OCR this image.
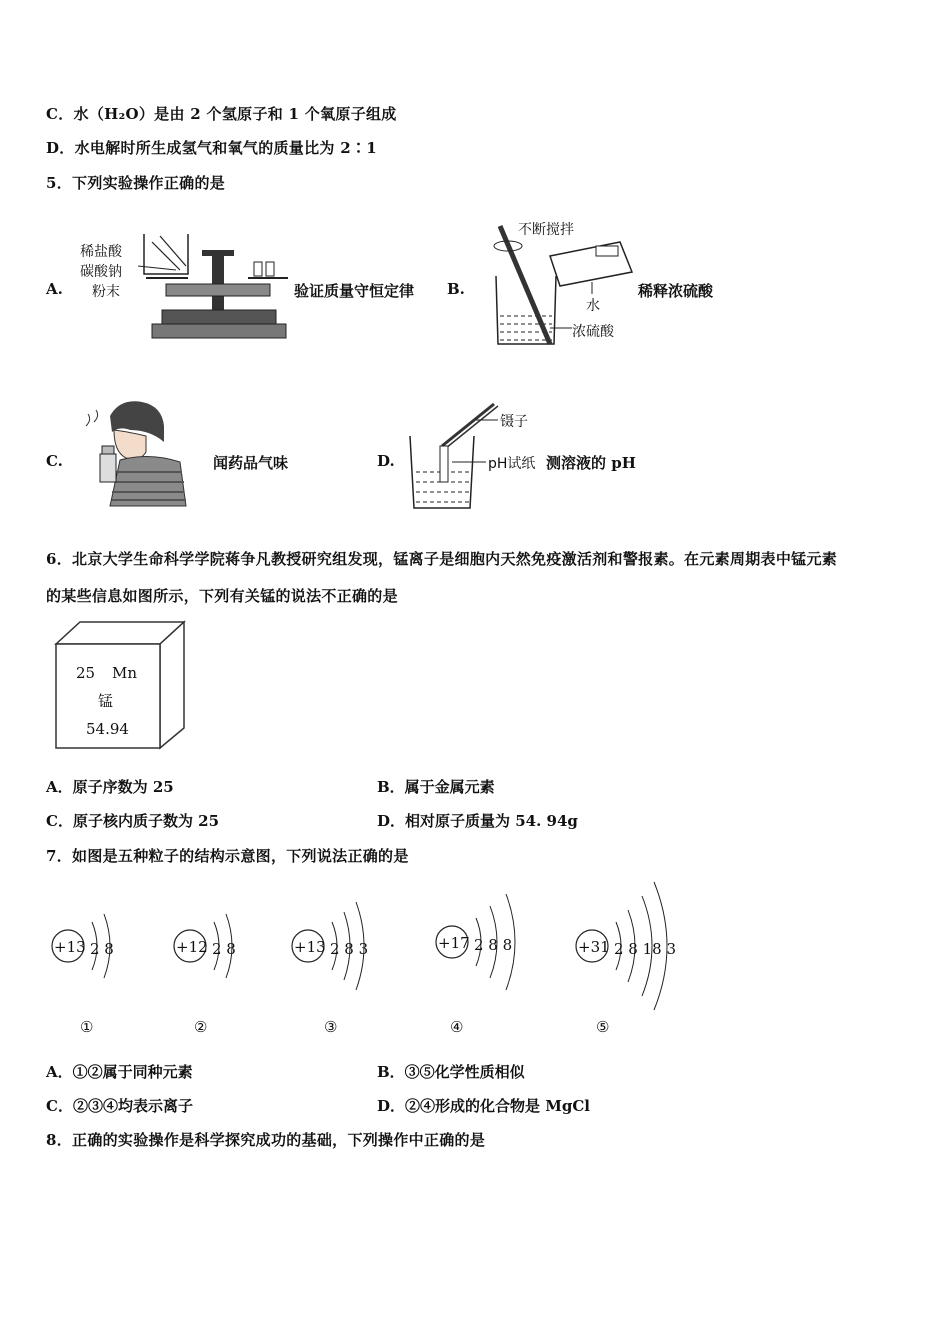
C．水（H₂O）是由 2 个氢原子和 1 个氧原子组成
D．水电解时所生成氢气和氧气的质量比为 2∶1
5．下列实验操作正确的是
A.
稀盐酸
碳酸钠
粉末	验证质量守恒定律 B.
不断搅拌
水
浓硫酸
稀释浓硫酸
C.	闻药品气味	D.
镊子
pH试纸 测溶液的 pH
6．北京大学生命科学学院蒋争凡教授研究组发现，锰离子是细胞内天然免疫激活剂和警报素。在元素周期表中锰元素
的某些信息如图所示，下列有关锰的说法不正确的是
25 Mn
锰
54.94
A．原子序数为 25	B．属于金属元素
C．原子核内质子数为 25	D．相对原子质量为 54. 94g
7．如图是五种粒子的结构示意图，下列说法正确的是
+13 2 8
①
+12 2 8
②
+13 2 8 3
③
+17 2 8 8
④
+31 2 8 18 3
⑤
A．①②属于同种元素	B．③⑤化学性质相似
C．②③④均表示离子	D．②④形成的化合物是 MgCl
8．正确的实验操作是科学探究成功的基础，下列操作中正确的是
